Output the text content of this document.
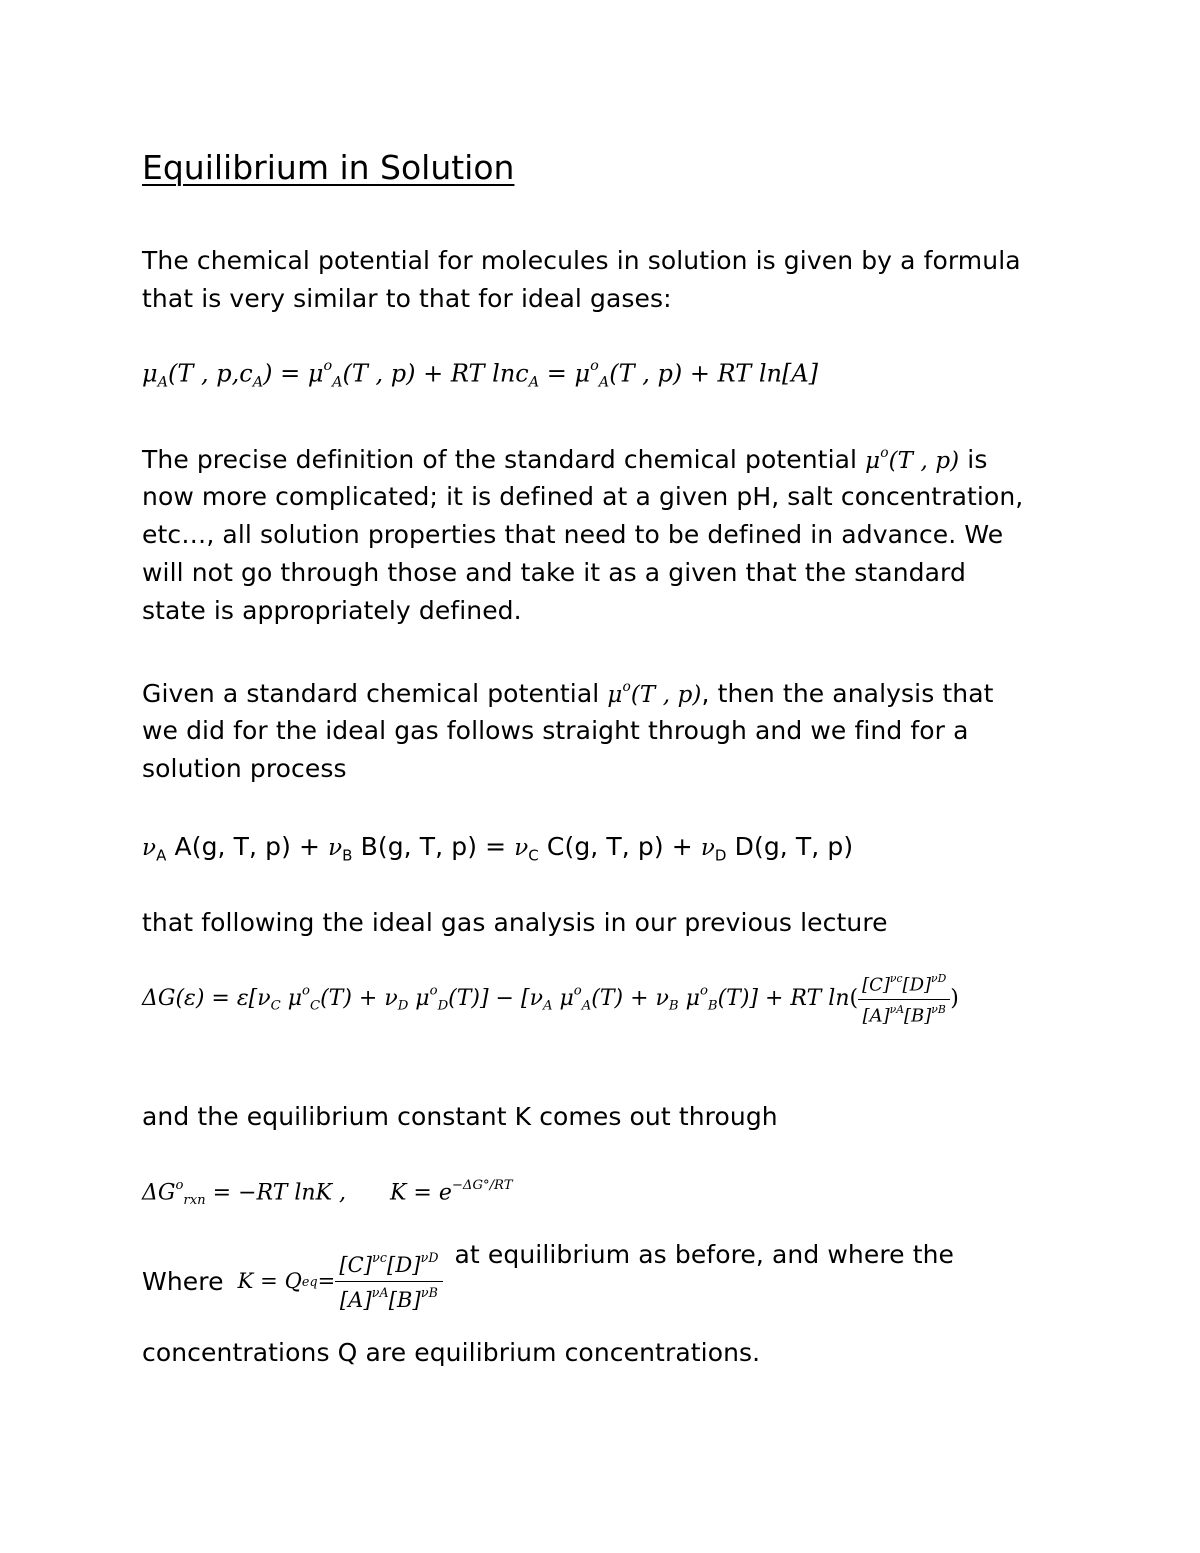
Equilibrium in Solution
The chemical potential for molecules in solution is given by a formula
that is very similar to that for ideal gases:
$\mu_A(T$ , $p,c_A) = \mu^o_A(T$ , p) + RT $\ln c_A = \mu^o_A(T$ , p) + RT ln[A]
The precise definition of the standard chemical potential $\mu^o(T$ , p) is
now more complicated; it is defined at a given pH, salt concentration,
etc…, all solution properties that need to be defined in advance. We
will not go through those and take it as a given that the standard
state is appropriately defined.
Given a standard chemical potential $\mu^o(T$ , p), then the analysis that
we did for the ideal gas follows straight through and we find for a
solution process
$\nu_A$ A(g, T, $p) + \nu_B$ B(g, T, $p) = \nu_C$ C(g, T, $p) + \nu_D$ D(g, T, p)
that following the ideal gas analysis in our previous lecture
$\Delta G(\varepsilon) = \varepsilon[\nu_C$ $\mu^o_C(T) + \nu_D$ $\mu^o_D(T)] - [\nu_A$ $\mu^o_A(T) + \nu_B$ $\mu^o_B(T)$] + RT $\ln( \frac{[C]^{\nu c}[D]^{\nu D}}{[A]^{\nu A}[B]^{\nu B}}$ )
and the equilibrium constant K comes out through
$\Delta G^o_{rxn} = -RT$ lnK , $K = e^{-\Delta G^\circ/RT}$
Where K = Q eq = $\frac{[C]^{\nu c}[D]^{\nu D}}{[A]^{\nu A}[B]^{\nu B}}$ at equilibrium as before, and where the
concentrations Q are equilibrium concentrations.
